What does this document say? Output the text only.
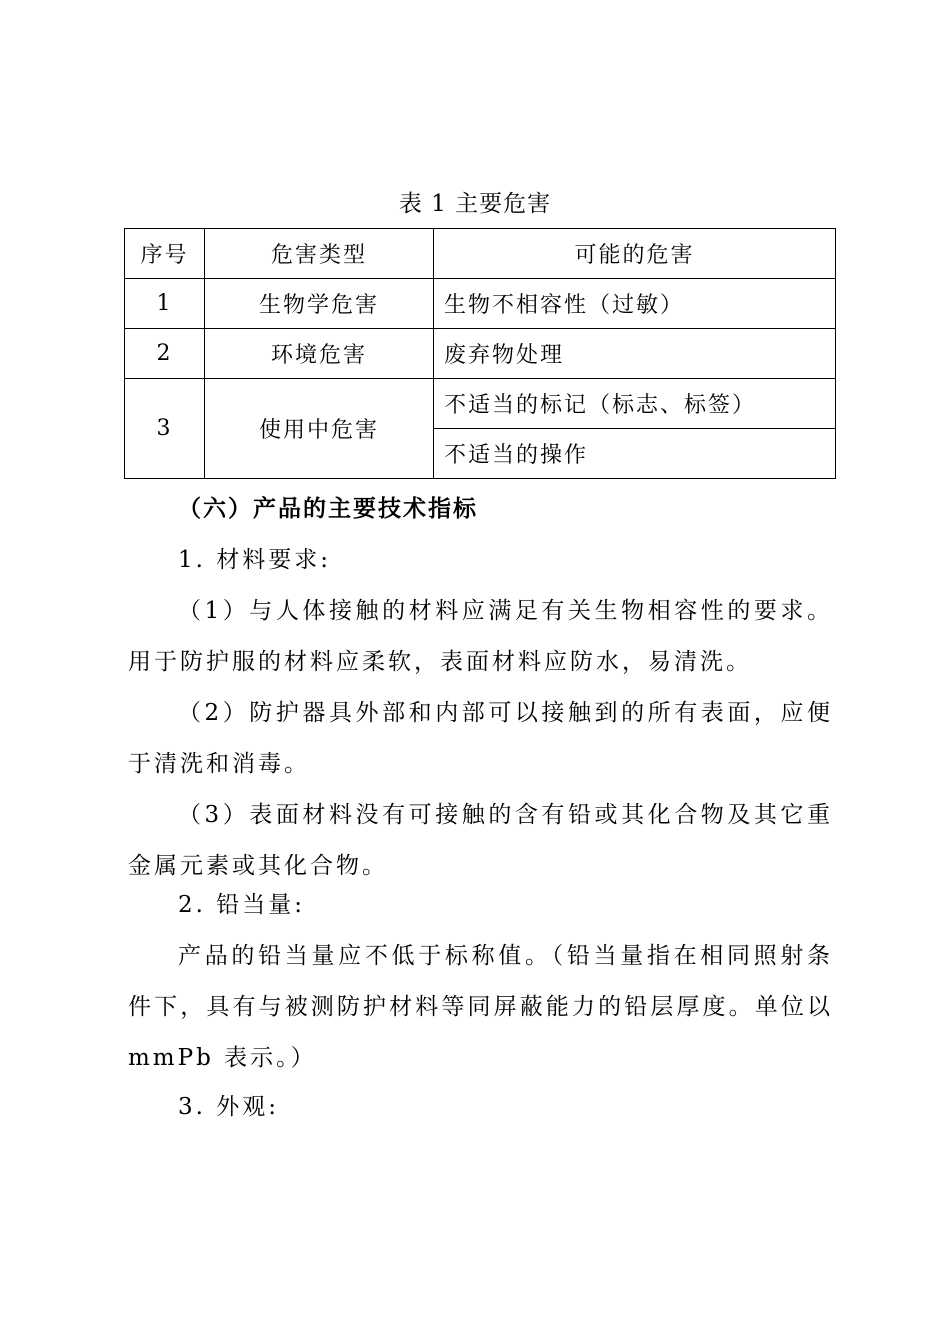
表 1 主要危害
序号	危害类型	可能的危害
1	生物学危害	生物不相容性（过敏）
2	环境危害	废弃物处理
3	使用中危害	不适当的标记（标志、标签）
		不适当的操作

（六）产品的主要技术指标

1. 材料要求:

（1）与人体接触的材料应满足有关生物相容性的要求。用于防护服的材料应柔软，表面材料应防水，易清洗。

（2）防护器具外部和内部可以接触到的所有表面，应便于清洗和消毒。

（3）表面材料没有可接触的含有铅或其化合物及其它重金属元素或其化合物。

2. 铅当量:

产品的铅当量应不低于标称值。（铅当量指在相同照射条件下，具有与被测防护材料等同屏蔽能力的铅层厚度。单位以 mmPb 表示。）

3. 外观:
